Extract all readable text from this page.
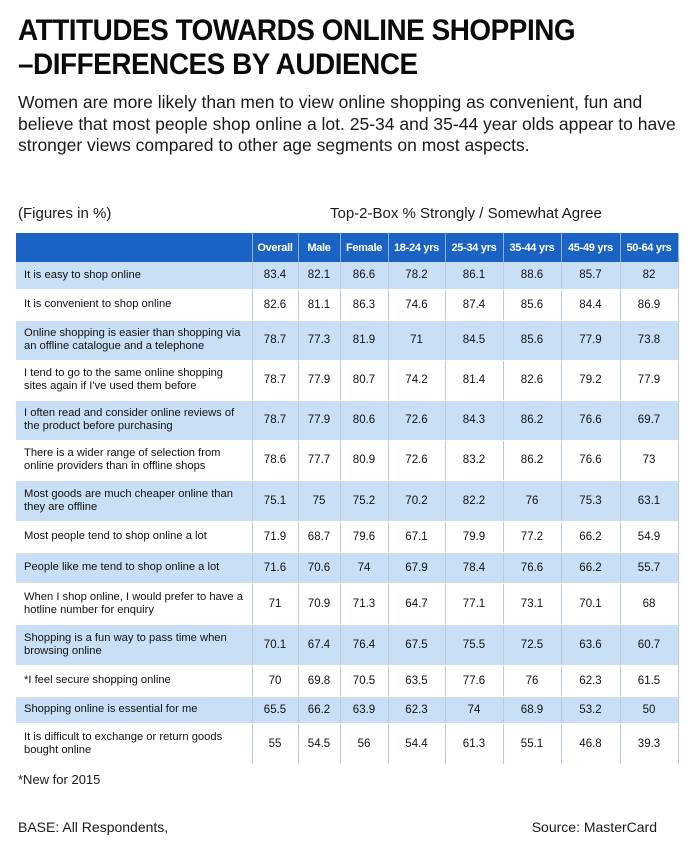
ATTITUDES TOWARDS ONLINE SHOPPING
–DIFFERENCES BY AUDIENCE
Women are more likely than men to view online shopping as convenient, fun and believe that most people shop online a lot. 25-34 and 35-44 year olds appear to have stronger views compared to other age segments on most aspects.
(Figures in %)	Top-2-Box % Strongly / Somewhat Agree
	Overall	Male	Female	18-24 yrs	25-34 yrs	35-44 yrs	45-49 yrs	50-64 yrs
It is easy to shop online	83.4	82.1	86.6	78.2	86.1	88.6	85.7	82
It is convenient to shop online	82.6	81.1	86.3	74.6	87.4	85.6	84.4	86.9
Online shopping is easier than shopping via an offline catalogue and a telephone	78.7	77.3	81.9	71	84.5	85.6	77.9	73.8
I tend to go to the same online shopping sites again if I've used them before	78.7	77.9	80.7	74.2	81.4	82.6	79.2	77.9
I often read and consider online reviews of the product before purchasing	78.7	77.9	80.6	72.6	84.3	86.2	76.6	69.7
There is a wider range of selection from online providers than in offline shops	78.6	77.7	80.9	72.6	83.2	86.2	76.6	73
Most goods are much cheaper online than they are offline	75.1	75	75.2	70.2	82.2	76	75.3	63.1
Most people tend to shop online a lot	71.9	68.7	79.6	67.1	79.9	77.2	66.2	54.9
People like me tend to shop online a lot	71.6	70.6	74	67.9	78.4	76.6	66.2	55.7
When I shop online, I would prefer to have a hotline number for enquiry	71	70.9	71.3	64.7	77.1	73.1	70.1	68
Shopping is a fun way to pass time when browsing online	70.1	67.4	76.4	67.5	75.5	72.5	63.6	60.7
*I feel secure shopping online	70	69.8	70.5	63.5	77.6	76	62.3	61.5
Shopping online is essential for me	65.5	66.2	63.9	62.3	74	68.9	53.2	50
It is difficult to exchange or return goods bought online	55	54.5	56	54.4	61.3	55.1	46.8	39.3
*New for 2015
BASE: All Respondents,	Source: MasterCard
